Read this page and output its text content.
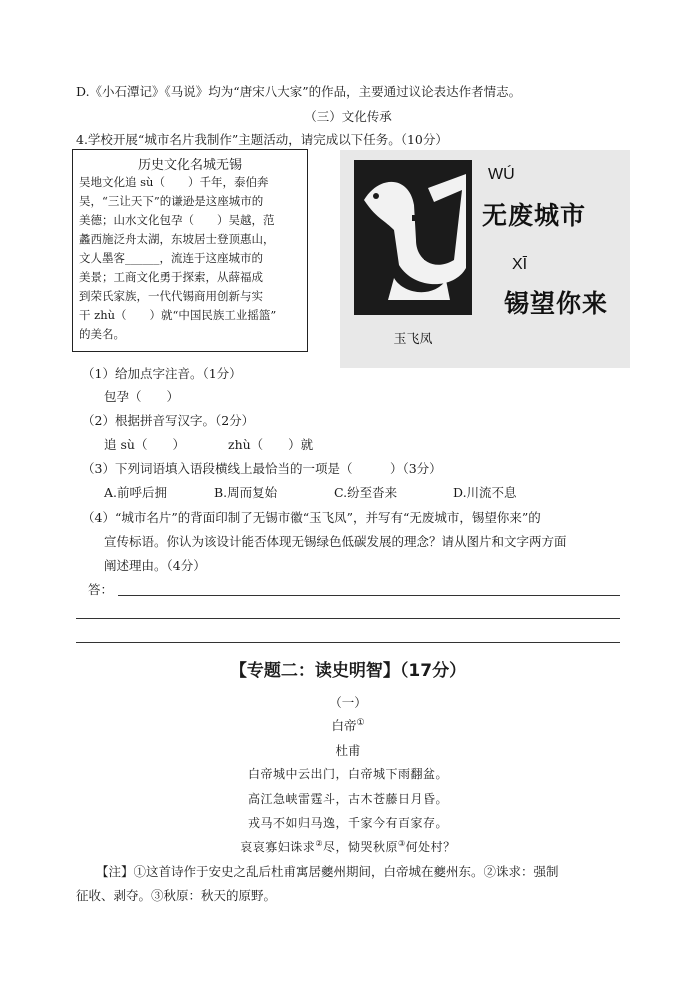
D.《小石潭记》《马说》均为“唐宋八大家”的作品，主要通过议论表达作者情志。
（三）文化传承
4.学校开展“城市名片我制作”主题活动，请完成以下任务。（10分）
历史文化名城无锡
吴地文化追 sù（　　）千年，泰伯奔
吴，“三让天下”的谦逊是这座城市的
美德；山水文化包孕（　　）吴越，范
蠡西施泛舟太湖，东坡居士登顶惠山，
文人墨客______，流连于这座城市的
美景；工商文化勇于探索，从薛福成
到荣氏家族，一代代锡商用创新与实
干 zhù（　　）就“中国民族工业摇篮”
的美名。	玉飞凤
WÚ
无废城市
XĪ
锡望你来
（1）给加点字注音。（1分）
包孕（　　）
（2）根据拼音写汉字。（2分）
追 sù（　　）	zhù（　　）就
（3）下列词语填入语段横线上最恰当的一项是（　　　）（3分）
A.前呼后拥	B.周而复始	C.纷至沓来	D.川流不息
（4）“城市名片”的背面印制了无锡市徽“玉飞凤”，并写有“无废城市，锡望你来”的
宣传标语。你认为该设计能否体现无锡绿色低碳发展的理念？请从图片和文字两方面
阐述理由。（4分）
答：
【专题二：读史明智】（17分）
（一）
白帝①
杜甫
白帝城中云出门，白帝城下雨翻盆。
高江急峡雷霆斗，古木苍藤日月昏。
戎马不如归马逸，千家今有百家存。
哀哀寡妇诛求②尽，恸哭秋原③何处村？
【注】①这首诗作于安史之乱后杜甫寓居夔州期间，白帝城在夔州东。②诛求：强制
征收、剥夺。③秋原：秋天的原野。
